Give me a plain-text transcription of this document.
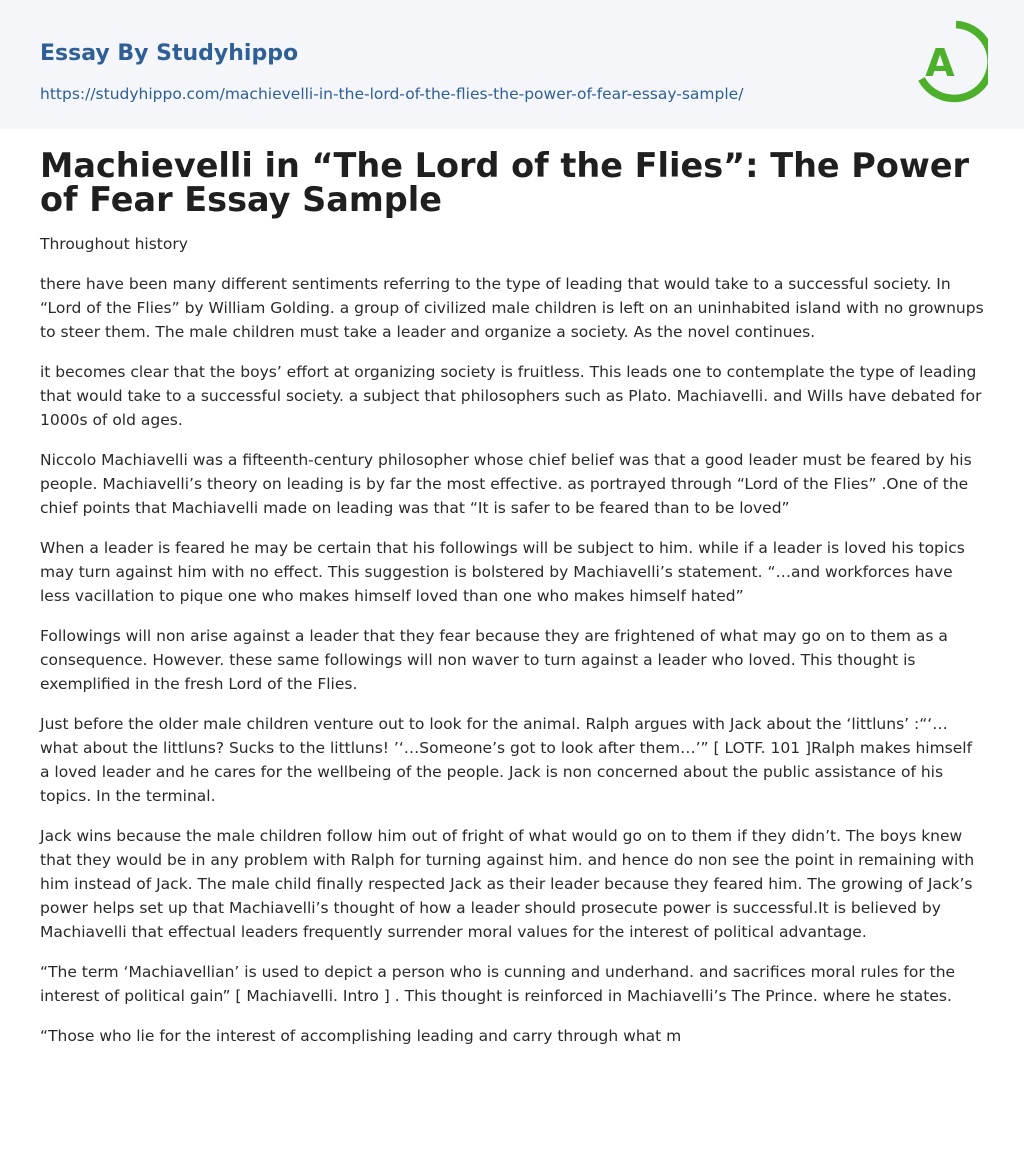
Essay By Studyhippo
https://studyhippo.com/machievelli-in-the-lord-of-the-flies-the-power-of-fear-essay-sample/
A
Machievelli in “The Lord of the Flies”: The Power of Fear Essay Sample

Throughout history

there have been many different sentiments referring to the type of leading that would take to a successful society. In “Lord of the Flies” by William Golding. a group of civilized male children is left on an uninhabited island with no grownups to steer them. The male children must take a leader and organize a society. As the novel continues.

it becomes clear that the boys’ effort at organizing society is fruitless. This leads one to contemplate the type of leading that would take to a successful society. a subject that philosophers such as Plato. Machiavelli. and Wills have debated for 1000s of old ages.

Niccolo Machiavelli was a fifteenth-century philosopher whose chief belief was that a good leader must be feared by his people. Machiavelli’s theory on leading is by far the most effective. as portrayed through “Lord of the Flies” .One of the chief points that Machiavelli made on leading was that “It is safer to be feared than to be loved”

When a leader is feared he may be certain that his followings will be subject to him. while if a leader is loved his topics may turn against him with no effect. This suggestion is bolstered by Machiavelli’s statement. “…and workforces have less vacillation to pique one who makes himself loved than one who makes himself hated”

Followings will non arise against a leader that they fear because they are frightened of what may go on to them as a consequence. However. these same followings will non waver to turn against a leader who loved. This thought is exemplified in the fresh Lord of the Flies.

Just before the older male children venture out to look for the animal. Ralph argues with Jack about the ‘littluns’ :“‘…what about the littluns? Sucks to the littluns! ’‘…Someone’s got to look after them…’” [ LOTF. 101 ]Ralph makes himself a loved leader and he cares for the wellbeing of the people. Jack is non concerned about the public assistance of his topics. In the terminal.

Jack wins because the male children follow him out of fright of what would go on to them if they didn’t. The boys knew that they would be in any problem with Ralph for turning against him. and hence do non see the point in remaining with him instead of Jack. The male child finally respected Jack as their leader because they feared him. The growing of Jack’s power helps set up that Machiavelli’s thought of how a leader should prosecute power is successful.It is believed by Machiavelli that effectual leaders frequently surrender moral values for the interest of political advantage.

“The term ‘Machiavellian’ is used to depict a person who is cunning and underhand. and sacrifices moral rules for the interest of political gain” [ Machiavelli. Intro ] . This thought is reinforced in Machiavelli’s The Prince. where he states.

“Those who lie for the interest of accomplishing leading and carry through what m
